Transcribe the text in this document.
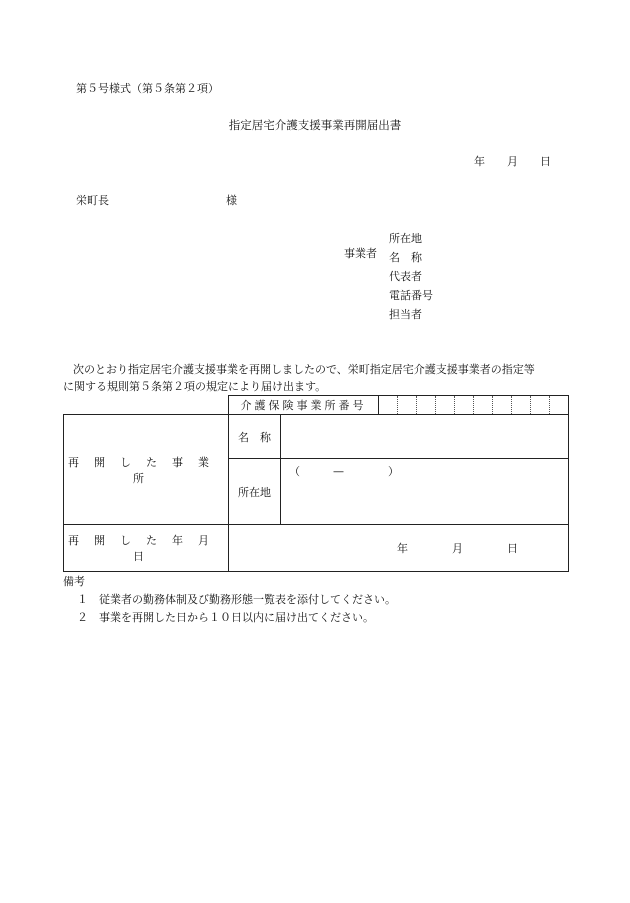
第５号様式（第５条第２項）
指定居宅介護支援事業再開届出書
年 月 日
栄町長	様
事業者
所在地
名　称
代表者
電話番号
担当者

次のとおり指定居宅介護支援事業を再開しましたので、栄町指定居宅介護支援事業者の指定等

に関する規則第５条第２項の規定により届け出ます。

	介護保険事業所番号		

再開した事業所	名　称		
	所在地	（　　　—　　　　）	

再開した年月日	年 月 日		
備考
１ 従業者の勤務体制及び勤務形態一覧表を添付してください。
２ 事業を再開した日から１０日以内に届け出てください。
